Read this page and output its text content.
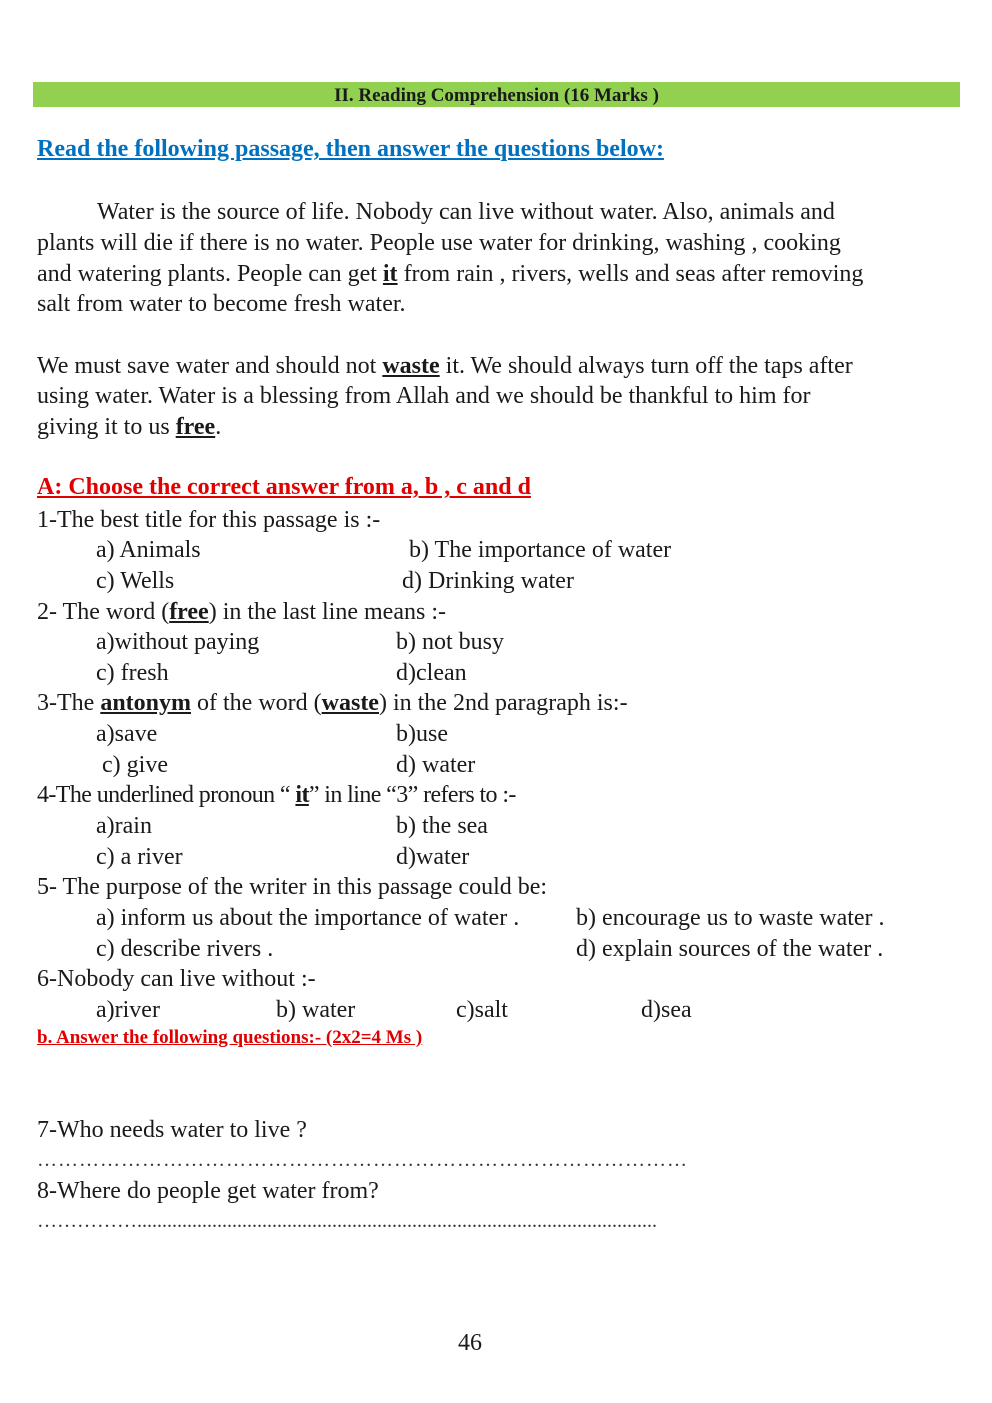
II. Reading Comprehension (16 Marks )
Read the following passage, then answer the questions below:
Water is the source of life. Nobody can live without water. Also, animals and
plants will die if there is no water. People use water for drinking, washing , cooking
and watering plants. People can get it from rain , rivers, wells and seas after removing
salt from water to become fresh water.
We must save water and should not waste it. We should always turn off the taps after
using water. Water is a blessing from Allah and we should be thankful to him for
giving it to us free.
A: Choose the correct answer from a, b , c and d
1-The best title for this passage is :-
a) Animals	b) The importance of water
c) Wells	d) Drinking water
2- The word (free) in the last line means :-
a)without paying	b) not busy
c) fresh	d)clean
3-The antonym of the word (waste) in the 2nd paragraph is:-
a)save	b)use
c) give	d) water
4-The underlined pronoun “ it” in line “3” refers to :-
a)rain	b) the sea
c) a river	d)water
5- The purpose of the writer in this passage could be:
a) inform us about the importance of water . b) encourage us to waste water .
c) describe rivers .	d) explain sources of the water .
6-Nobody can live without :-
a)river	b) water	c)salt	d)sea
b. Answer the following questions:- (2x2=4 Ms )
7-Who needs water to live ?
…………………………………………………………………………………
8-Where do people get water from?
……………........................................................................................................
46
